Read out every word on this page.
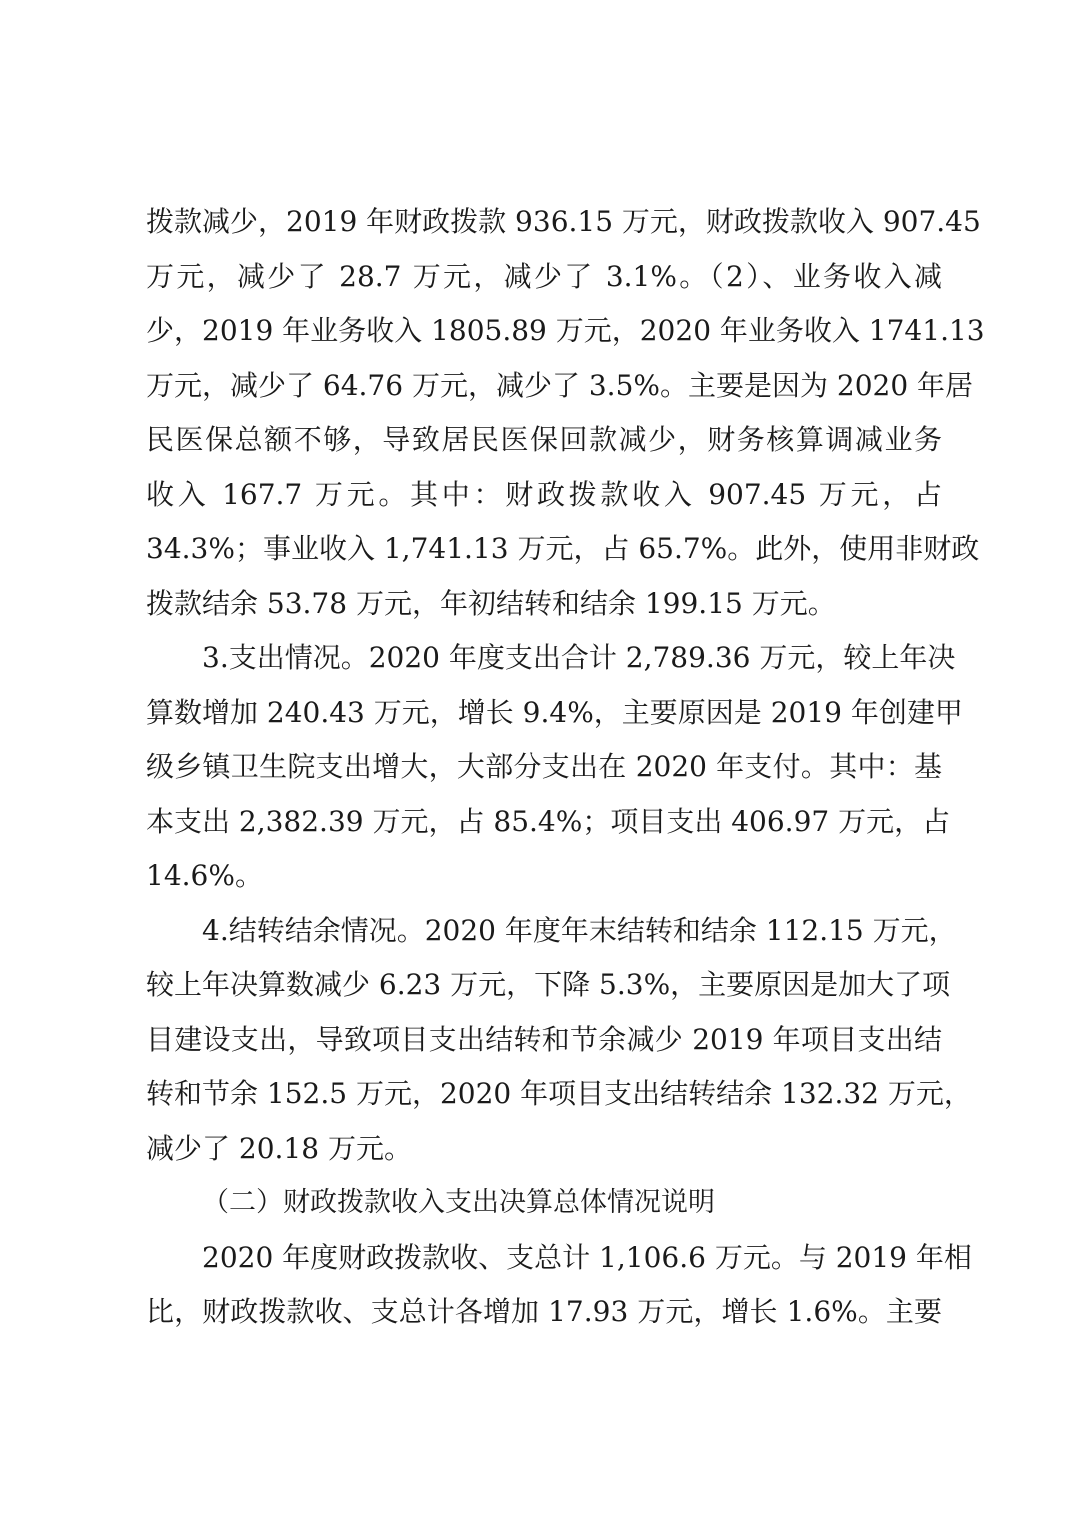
拨款减少，2019 年财政拨款 936.15 万元，财政拨款收入 907.45
万元，减少了 28.7 万元，减少了 3.1%。（2）、业务收入减
少，2019 年业务收入 1805.89 万元，2020 年业务收入 1741.13
万元，减少了 64.76 万元，减少了 3.5%。主要是因为 2020 年居
民医保总额不够，导致居民医保回款减少，财务核算调减业务
收入 167.7 万元。其中：财政拨款收入 907.45 万元，占
34.3%；事业收入 1,741.13 万元，占 65.7%。此外，使用非财政
拨款结余 53.78 万元，年初结转和结余 199.15 万元。
3.支出情况。2020 年度支出合计 2,789.36 万元，较上年决
算数增加 240.43 万元，增长 9.4%，主要原因是 2019 年创建甲
级乡镇卫生院支出增大，大部分支出在 2020 年支付。其中：基
本支出 2,382.39 万元，占 85.4%；项目支出 406.97 万元，占
14.6%。
4.结转结余情况。2020 年度年末结转和结余 112.15 万元，
较上年决算数减少 6.23 万元，下降 5.3%，主要原因是加大了项
目建设支出，导致项目支出结转和节余减少 2019 年项目支出结
转和节余 152.5 万元，2020 年项目支出结转结余 132.32 万元，
减少了 20.18 万元。
（二）财政拨款收入支出决算总体情况说明
2020 年度财政拨款收、支总计 1,106.6 万元。与 2019 年相
比，财政拨款收、支总计各增加 17.93 万元，增长 1.6%。主要
